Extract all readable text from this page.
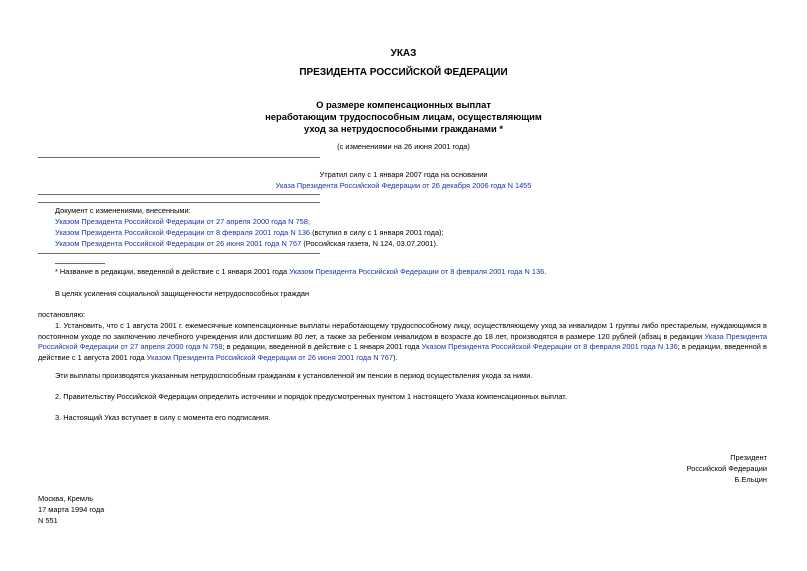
УКАЗ
ПРЕЗИДЕНТА РОССИЙСКОЙ ФЕДЕРАЦИИ
О размере компенсационных выплат
неработающим трудоспособным лицам, осуществляющим
уход за нетрудоспособными гражданами *
(с изменениями на 26 июня 2001 года)
Утратил силу с 1 января 2007 года на основании
Указа Президента Российской Федерации от 26 декабря 2006 года N 1455
Документ с изменениями, внесенными:
Указом Президента Российской Федерации от 27 апреля 2000 года N 758;
Указом Президента Российской Федерации от 8 февраля 2001 года N 136 (вступил в силу с 1 января 2001 года);
Указом Президента Российской Федерации от 26 июня 2001 года N 767 (Российская газета, N 124, 03.07.2001).
* Название в редакции, введенной в действие с 1 января 2001 года Указом Президента Российской Федерации от 8 февраля 2001 года N 136.
В целях усиления социальной защищенности нетрудоспособных граждан
постановляю:
1. Установить, что с 1 августа 2001 г. ежемесячные компенсационные выплаты неработающему трудоспособному лицу, осуществляющему уход за инвалидом 1 группы либо престарелым, нуждающимся в постоянном уходе по заключению лечебного учреждения или достигшим 80 лет, а также за ребенком инвалидом в возрасте до 18 лет, производятся в размере 120 рублей (абзац в редакции Указа Президента Российской Федерации от 27 апреля 2000 года N 758; в редакции, введенной в действие с 1 января 2001 года Указом Президента Российской Федерации от 8 февраля 2001 года N 136; в редакции, введенной в действие с 1 августа 2001 года Указом Президента Российской Федерации от 26 июня 2001 года N 767).
Эти выплаты производятся указанным нетрудоспособным гражданам к установленной им пенсии в период осуществления ухода за ними.
2. Правительству Российской Федерации определить источники и порядок предусмотренных пунктом 1 настоящего Указа компенсационных выплат.
3. Настоящий Указ вступает в силу с момента его подписания.
Президент
Российской Федерации
Б.Ельцин
Москва, Кремль
17 марта 1994 года
N 551
